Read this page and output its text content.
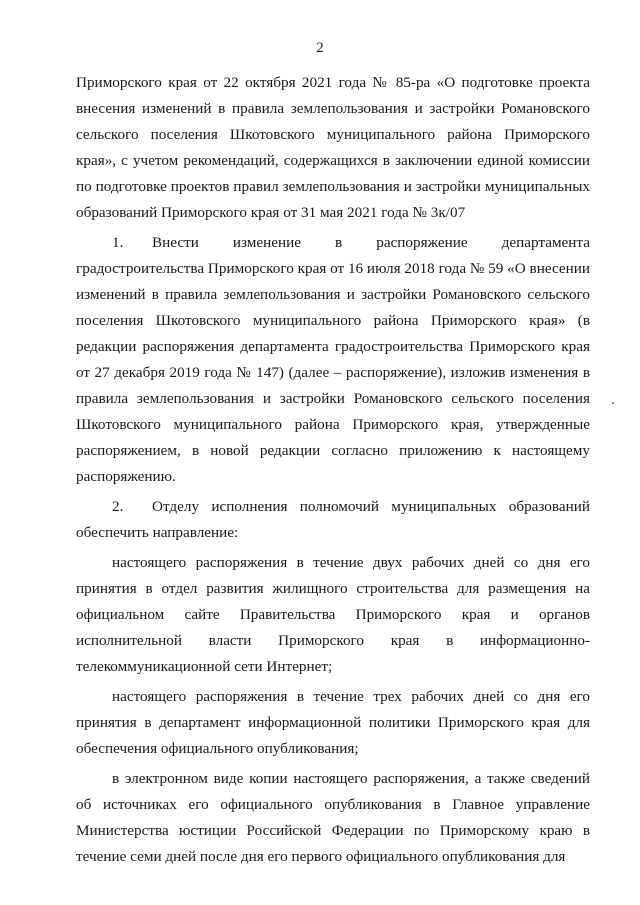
2

Приморского края от 22 октября 2021 года № 85-ра «О подготовке проекта внесения изменений в правила землепользования и застройки Романовского сельского поселения Шкотовского муниципального района Приморского края», с учетом рекомендаций, содержащихся в заключении единой комиссии по подготовке проектов правил землепользования и застройки муниципальных образований Приморского края от 31 мая 2021 года № 3к/07

1. Внести изменение в распоряжение департамента градостроительства Приморского края от 16 июля 2018 года № 59 «О внесении изменений в правила землепользования и застройки Романовского сельского поселения Шкотовского муниципального района Приморского края» (в редакции распоряжения департамента градостроительства Приморского края от 27 декабря 2019 года № 147) (далее – распоряжение), изложив изменения в правила землепользования и застройки Романовского сельского поселения Шкотовского муниципального района Приморского края, утвержденные распоряжением, в новой редакции согласно приложению к настоящему распоряжению.

2. Отделу исполнения полномочий муниципальных образований обеспечить направление:

настоящего распоряжения в течение двух рабочих дней со дня его принятия в отдел развития жилищного строительства для размещения на официальном сайте Правительства Приморского края и органов исполнительной власти Приморского края в информационно-телекоммуникационной сети Интернет;

настоящего распоряжения в течение трех рабочих дней со дня его принятия в департамент информационной политики Приморского края для обеспечения официального опубликования;

в электронном виде копии настоящего распоряжения, а также сведений об источниках его официального опубликования в Главное управление Министерства юстиции Российской Федерации по Приморскому краю в течение семи дней после дня его первого официального опубликования для
